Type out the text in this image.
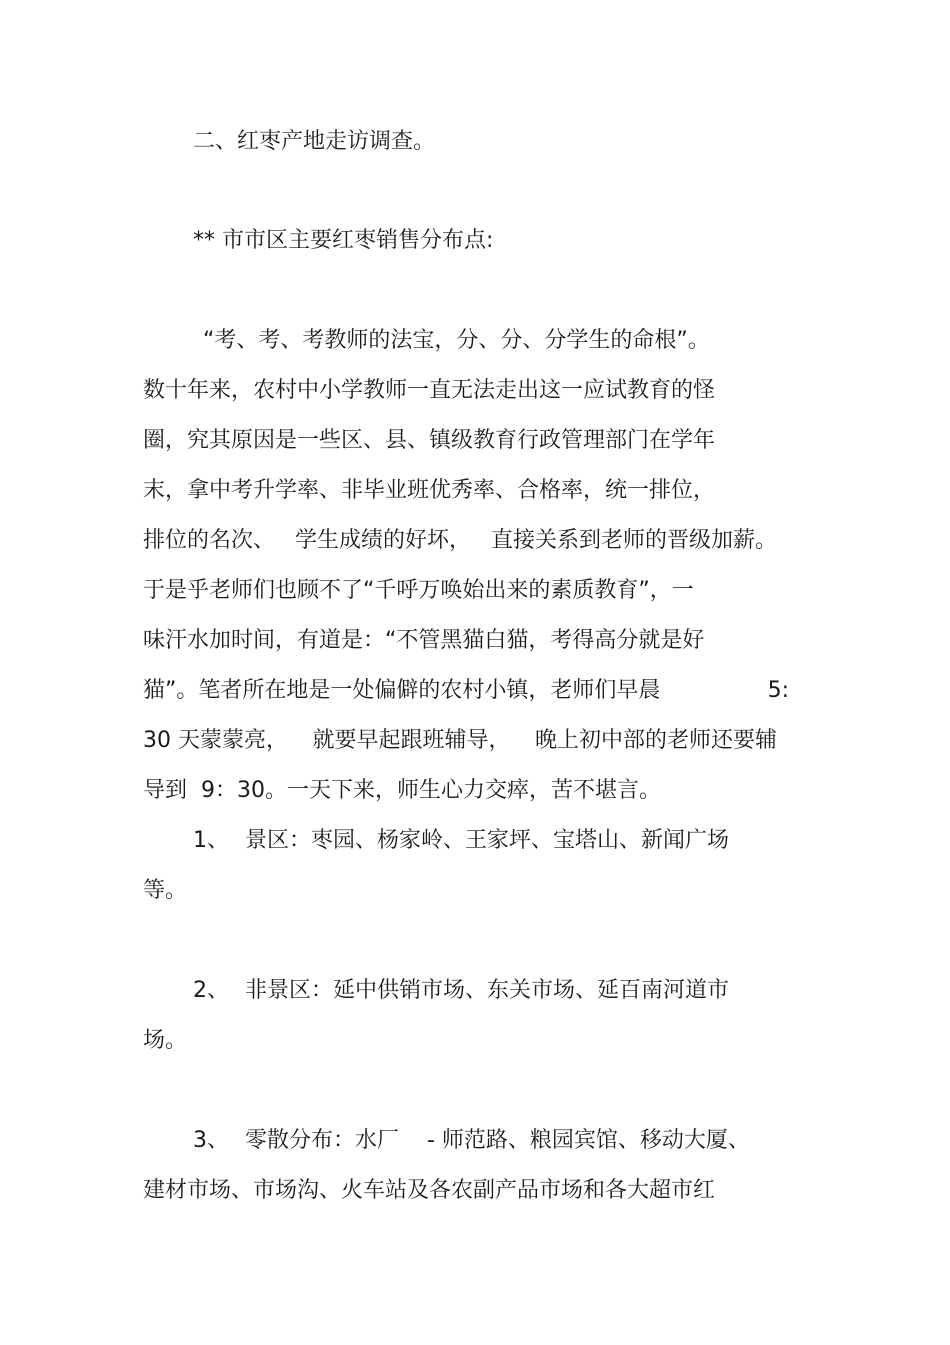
二、红枣产地走访调查。

** 市市区主要红枣销售分布点:

“考、考、考教师的法宝，分、分、分学生的命根”。

数十年来，农村中小学教师一直无法走出这一应试教育的怪

圈，究其原因是一些区、县、镇级教育行政管理部门在学年

末，拿中考升学率、非毕业班优秀率、合格率，统一排位，

排位的名次、 学生成绩的好坏， 直接关系到老师的晋级加薪。

于是乎老师们也顾不了“千呼万唤始出来的素质教育”，一

味汗水加时间，有道是：“不管黑猫白猫，考得高分就是好

猫”。笔者所在地是一处偏僻的农村小镇，老师们早晨	5:
30 天蒙蒙亮， 就要早起跟班辅导， 晚上初中部的老师还要辅

导到  9：30。一天下来，师生心力交瘁，苦不堪言。

1、 景区：枣园、杨家岭、王家坪、宝塔山、新闻广场

等。

2、 非景区：延中供销市场、东关市场、延百南河道市

场。

3、 零散分布：水厂    - 师范路、粮园宾馆、移动大厦、

建材市场、市场沟、火车站及各农副产品市场和各大超市红
